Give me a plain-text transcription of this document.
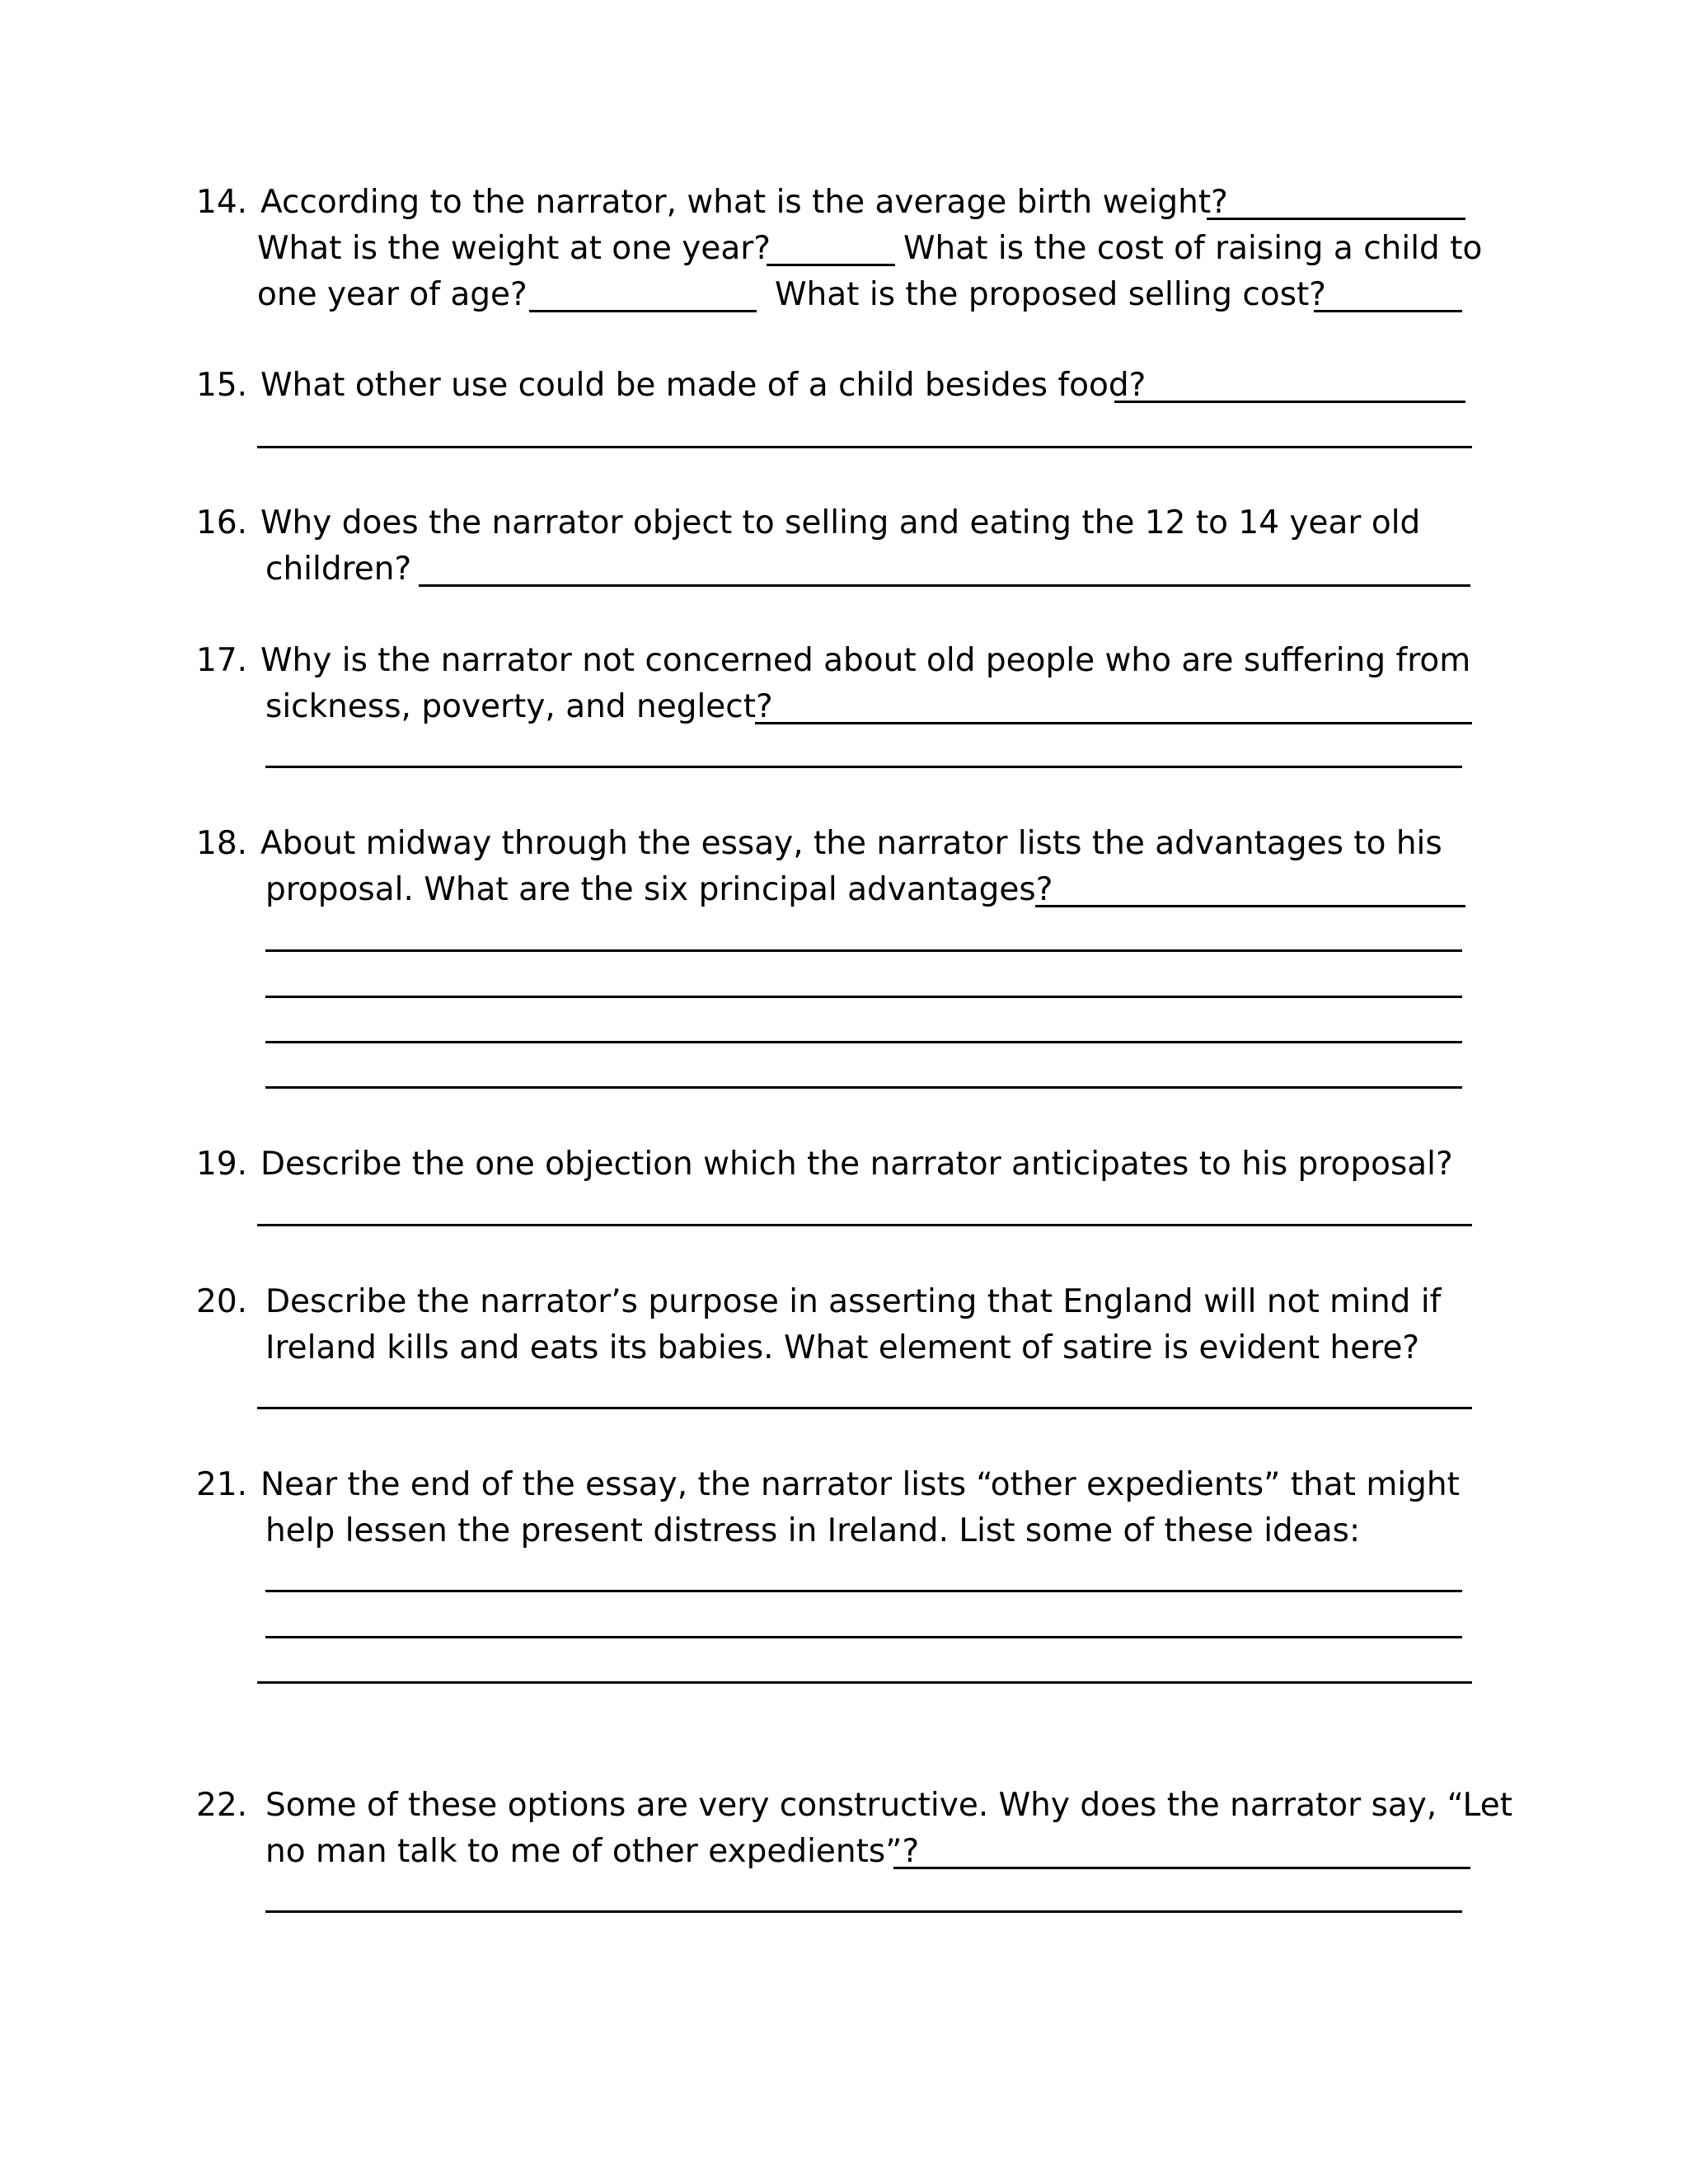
14. According to the narrator, what is the average birth weight?
What is the weight at one year?	What is the cost of raising a child to
one year of age?	What is the proposed selling cost?
15. What other use could be made of a child besides food?
16. Why does the narrator object to selling and eating the 12 to 14 year old
children?
17. Why is the narrator not concerned about old people who are suffering from
sickness, poverty, and neglect?
18. About midway through the essay, the narrator lists the advantages to his
proposal. What are the six principal advantages?
19. Describe the one objection which the narrator anticipates to his proposal?
20. Describe the narrator’s purpose in asserting that England will not mind if
Ireland kills and eats its babies. What element of satire is evident here?
21. Near the end of the essay, the narrator lists “other expedients” that might
help lessen the present distress in Ireland. List some of these ideas:
22. Some of these options are very constructive. Why does the narrator say, “Let
no man talk to me of other expedients”?
